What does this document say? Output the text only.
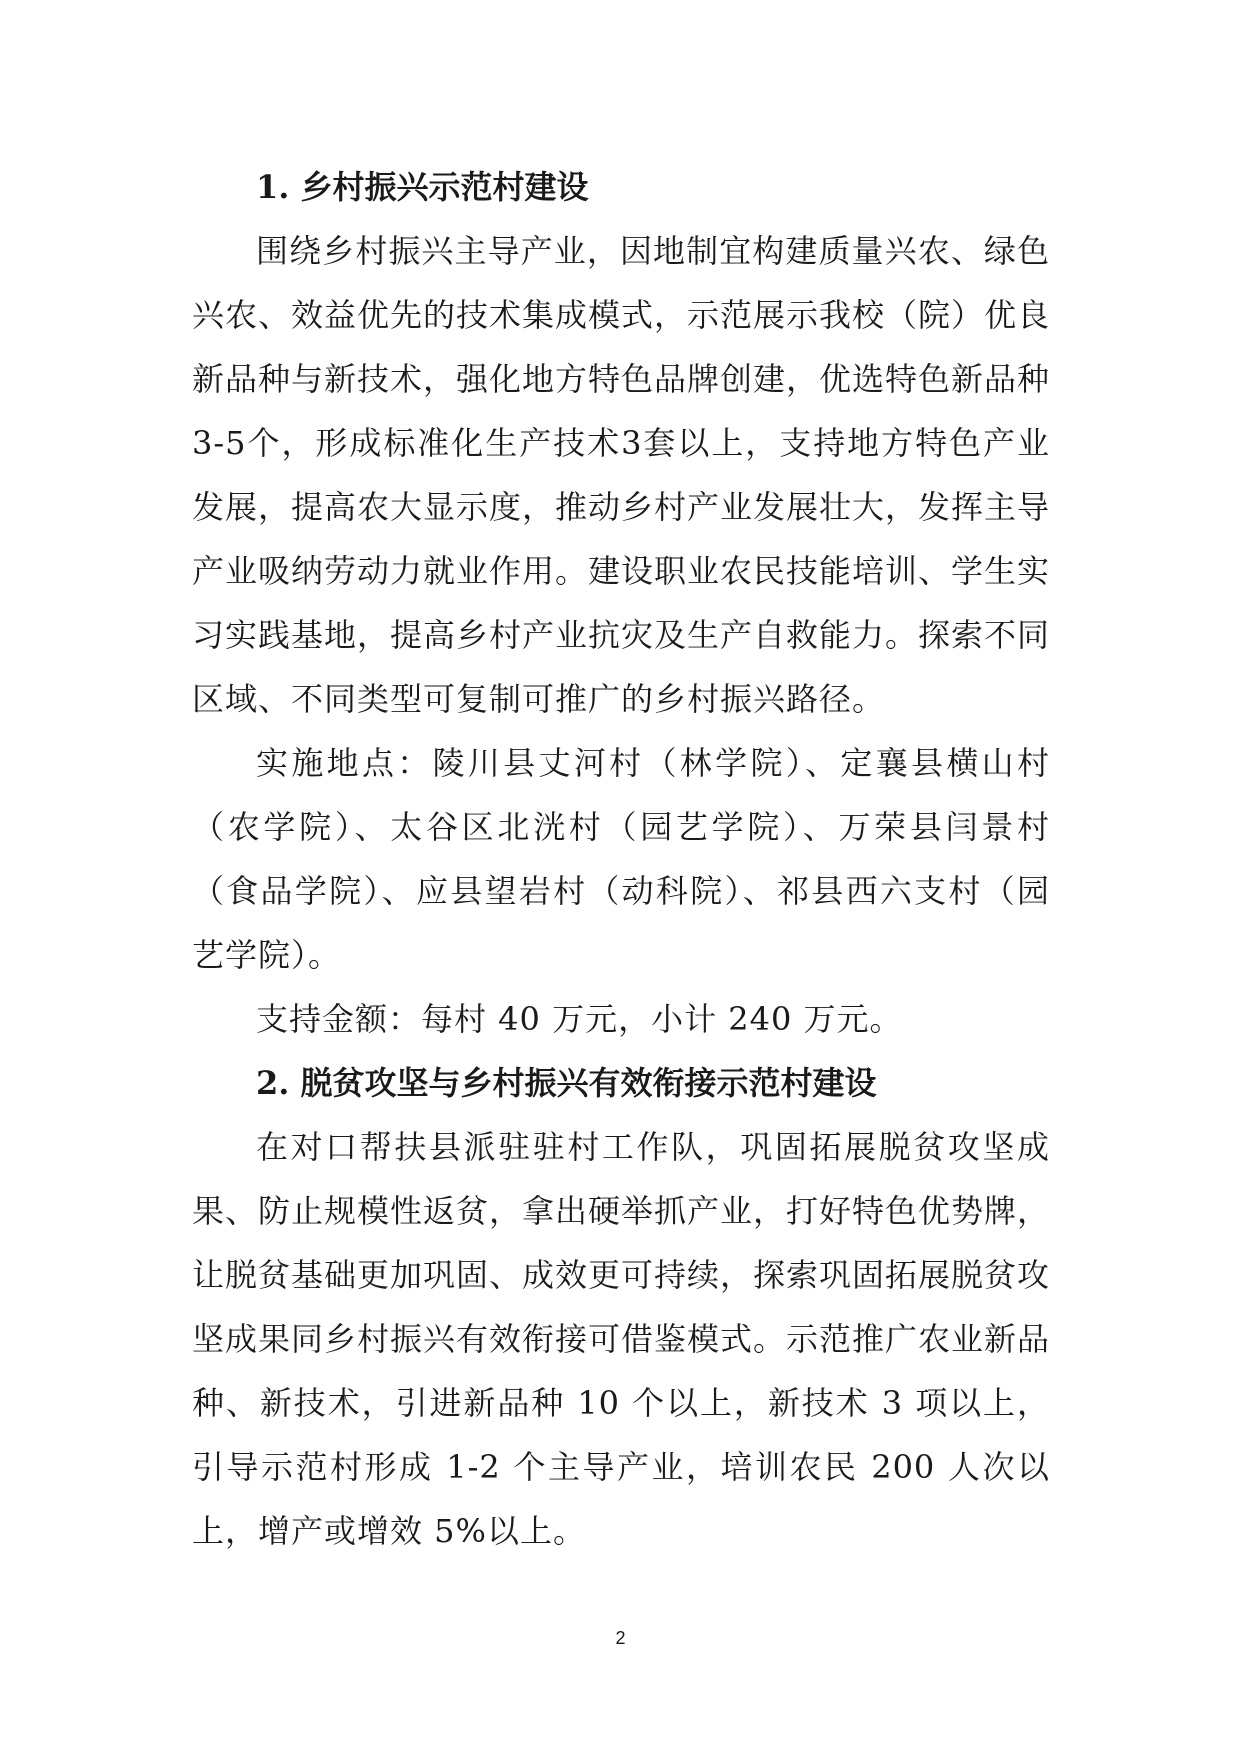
1. 乡村振兴示范村建设

围绕乡村振兴主导产业，因地制宜构建质量兴农、绿色兴农、效益优先的技术集成模式，示范展示我校（院）优良新品种与新技术，强化地方特色品牌创建，优选特色新品种3-5个，形成标准化生产技术3套以上，支持地方特色产业发展，提高农大显示度，推动乡村产业发展壮大，发挥主导产业吸纳劳动力就业作用。建设职业农民技能培训、学生实习实践基地，提高乡村产业抗灾及生产自救能力。探索不同区域、不同类型可复制可推广的乡村振兴路径。

实施地点：陵川县丈河村（林学院）、定襄县横山村（农学院）、太谷区北洸村（园艺学院）、万荣县闫景村（食品学院）、应县望岩村（动科院）、祁县西六支村（园艺学院）。

支持金额：每村 40 万元，小计 240 万元。

2. 脱贫攻坚与乡村振兴有效衔接示范村建设

在对口帮扶县派驻驻村工作队，巩固拓展脱贫攻坚成果、防止规模性返贫，拿出硬举抓产业，打好特色优势牌，让脱贫基础更加巩固、成效更可持续，探索巩固拓展脱贫攻坚成果同乡村振兴有效衔接可借鉴模式。示范推广农业新品种、新技术，引进新品种 10 个以上，新技术 3 项以上，引导示范村形成 1-2 个主导产业，培训农民 200 人次以上，增产或增效 5%以上。

2
